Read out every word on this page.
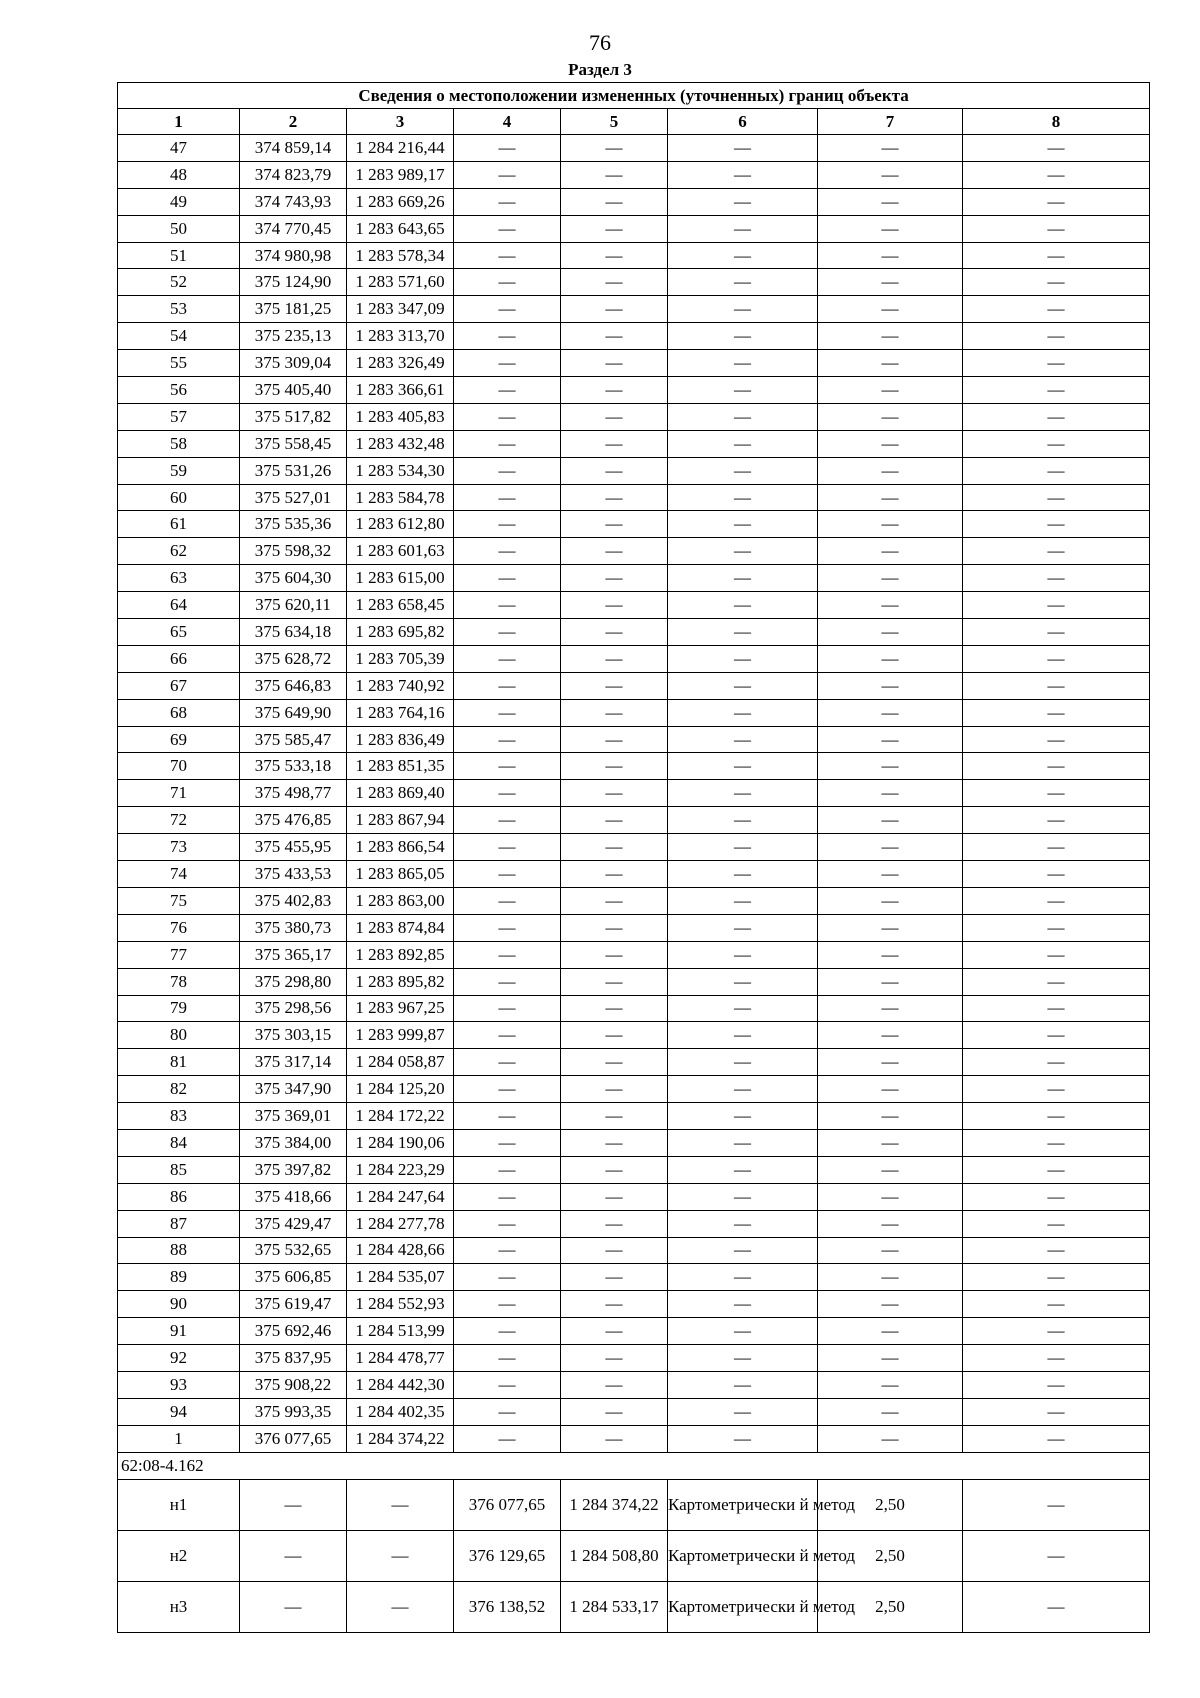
76
Раздел 3
Сведения о местоположении измененных (уточненных) границ объекта							
1	2	3	4	5	6	7	8
47	374 859,14	1 284 216,44	—	—	—	—	—
48	374 823,79	1 283 989,17	—	—	—	—	—
49	374 743,93	1 283 669,26	—	—	—	—	—
50	374 770,45	1 283 643,65	—	—	—	—	—
51	374 980,98	1 283 578,34	—	—	—	—	—
52	375 124,90	1 283 571,60	—	—	—	—	—
53	375 181,25	1 283 347,09	—	—	—	—	—
54	375 235,13	1 283 313,70	—	—	—	—	—
55	375 309,04	1 283 326,49	—	—	—	—	—
56	375 405,40	1 283 366,61	—	—	—	—	—
57	375 517,82	1 283 405,83	—	—	—	—	—
58	375 558,45	1 283 432,48	—	—	—	—	—
59	375 531,26	1 283 534,30	—	—	—	—	—
60	375 527,01	1 283 584,78	—	—	—	—	—
61	375 535,36	1 283 612,80	—	—	—	—	—
62	375 598,32	1 283 601,63	—	—	—	—	—
63	375 604,30	1 283 615,00	—	—	—	—	—
64	375 620,11	1 283 658,45	—	—	—	—	—
65	375 634,18	1 283 695,82	—	—	—	—	—
66	375 628,72	1 283 705,39	—	—	—	—	—
67	375 646,83	1 283 740,92	—	—	—	—	—
68	375 649,90	1 283 764,16	—	—	—	—	—
69	375 585,47	1 283 836,49	—	—	—	—	—
70	375 533,18	1 283 851,35	—	—	—	—	—
71	375 498,77	1 283 869,40	—	—	—	—	—
72	375 476,85	1 283 867,94	—	—	—	—	—
73	375 455,95	1 283 866,54	—	—	—	—	—
74	375 433,53	1 283 865,05	—	—	—	—	—
75	375 402,83	1 283 863,00	—	—	—	—	—
76	375 380,73	1 283 874,84	—	—	—	—	—
77	375 365,17	1 283 892,85	—	—	—	—	—
78	375 298,80	1 283 895,82	—	—	—	—	—
79	375 298,56	1 283 967,25	—	—	—	—	—
80	375 303,15	1 283 999,87	—	—	—	—	—
81	375 317,14	1 284 058,87	—	—	—	—	—
82	375 347,90	1 284 125,20	—	—	—	—	—
83	375 369,01	1 284 172,22	—	—	—	—	—
84	375 384,00	1 284 190,06	—	—	—	—	—
85	375 397,82	1 284 223,29	—	—	—	—	—
86	375 418,66	1 284 247,64	—	—	—	—	—
87	375 429,47	1 284 277,78	—	—	—	—	—
88	375 532,65	1 284 428,66	—	—	—	—	—
89	375 606,85	1 284 535,07	—	—	—	—	—
90	375 619,47	1 284 552,93	—	—	—	—	—
91	375 692,46	1 284 513,99	—	—	—	—	—
92	375 837,95	1 284 478,77	—	—	—	—	—
93	375 908,22	1 284 442,30	—	—	—	—	—
94	375 993,35	1 284 402,35	—	—	—	—	—
1	376 077,65	1 284 374,22	—	—	—	—	—
62:08-4.162							
н1	—	—	376 077,65	1 284 374,22	Картометрически й метод	2,50	—
н2	—	—	376 129,65	1 284 508,80	Картометрически й метод	2,50	—
н3	—	—	376 138,52	1 284 533,17	Картометрически й метод	2,50	—
